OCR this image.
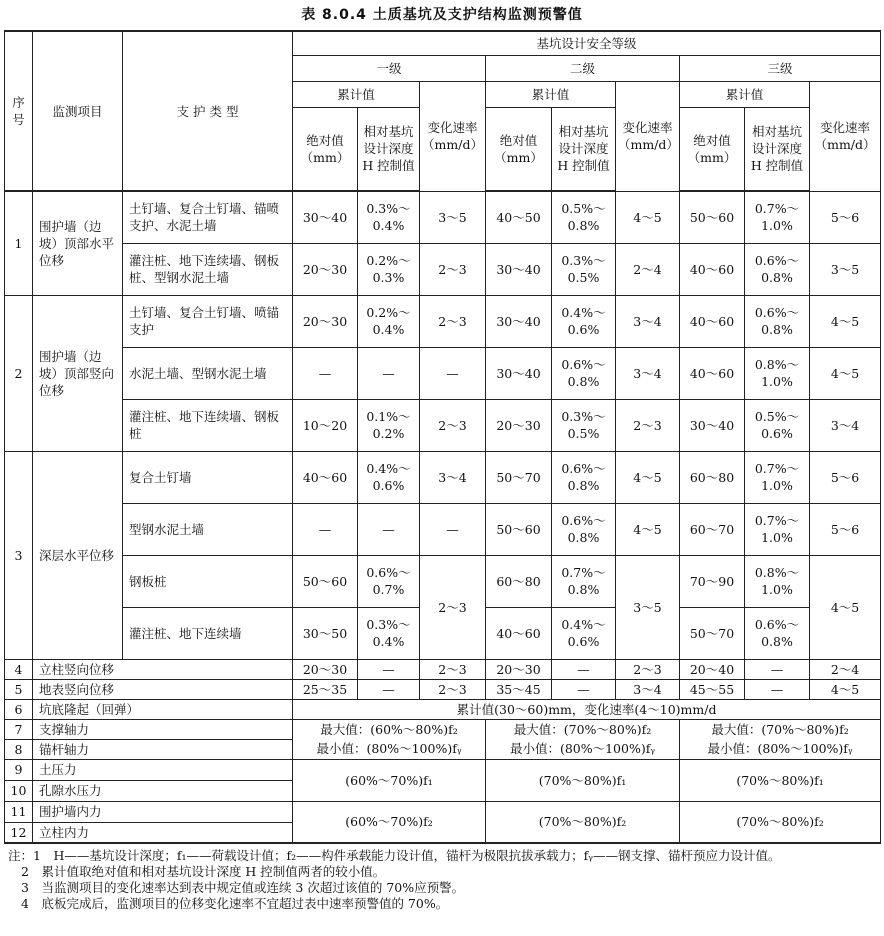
表 8.0.4 土质基坑及支护结构监测预警值
序号	监测项目	支 护 类 型	基坑设计安全等级								
			一级			二级			三级		
			累计值		变化速率（mm/d）	累计值		变化速率（mm/d）	累计值		变化速率（mm/d）
			绝对值（mm）	相对基坑设计深度 H 控制值		绝对值（mm）	相对基坑设计深度 H 控制值		绝对值（mm）	相对基坑设计深度 H 控制值	
1	围护墙（边坡）顶部水平位移	土钉墙、复合土钉墙、锚喷支护、水泥土墙	30～40	0.3%～0.4%	3～5	40～50	0.5%～0.8%	4～5	50～60	0.7%～1.0%	5～6
		灌注桩、地下连续墙、钢板桩、型钢水泥土墙	20～30	0.2%～0.3%	2～3	30～40	0.3%～0.5%	2～4	40～60	0.6%～0.8%	3～5
2	围护墙（边坡）顶部竖向位移	土钉墙、复合土钉墙、喷锚支护	20～30	0.2%～0.4%	2～3	30～40	0.4%～0.6%	3～4	40～60	0.6%～0.8%	4～5
		水泥土墙、型钢水泥土墙	—	—	—	30～40	0.6%～0.8%	3～4	40～60	0.8%～1.0%	4～5
		灌注桩、地下连续墙、钢板桩	10～20	0.1%～0.2%	2～3	20～30	0.3%～0.5%	2～3	30～40	0.5%～0.6%	3～4
3	深层水平位移	复合土钉墙	40～60	0.4%～0.6%	3～4	50～70	0.6%～0.8%	4～5	60～80	0.7%～1.0%	5～6
		型钢水泥土墙	—	—	—	50～60	0.6%～0.8%	4～5	60～70	0.7%～1.0%	5～6
		钢板桩	50～60	0.6%～0.7%	2～3	60～80	0.7%～0.8%	3～5	70～90	0.8%～1.0%	4～5
		灌注桩、地下连续墙	30～50	0.3%～0.4%		40～60	0.4%～0.6%		50～70	0.6%～0.8%	
4	立柱竖向位移		20～30	—	2～3	20～30	—	2～3	20～40	—	2～4
5	地表竖向位移		25～35	—	2～3	35～45	—	3～4	45～55	—	4～5
6	坑底隆起（回弹）		累计值(30～60)mm，变化速率(4～10)mm/d								
7	支撑轴力		最大值：(60%～80%)f₂			最大值：(70%～80%)f₂			最大值：(70%～80%)f₂		
8	锚杆轴力		最小值：(80%～100%)fᵧ			最小值：(80%～100%)fᵧ			最小值：(80%～100%)fᵧ		
9	土压力		(60%～70%)f₁			(70%～80%)f₁			(70%～80%)f₁		
10	孔隙水压力										
11	围护墙内力		(60%～70%)f₂			(70%～80%)f₂			(70%～80%)f₂		
12	立柱内力										
注：1　H——基坑设计深度；f₁——荷载设计值；f₂——构件承载能力设计值，锚杆为极限抗拔承载力；fᵧ——钢支撑、锚杆预应力设计值。
2　累计值取绝对值和相对基坑设计深度 H 控制值两者的较小值。
3　当监测项目的变化速率达到表中规定值或连续 3 次超过该值的 70%应预警。
4　底板完成后，监测项目的位移变化速率不宜超过表中速率预警值的 70%。
